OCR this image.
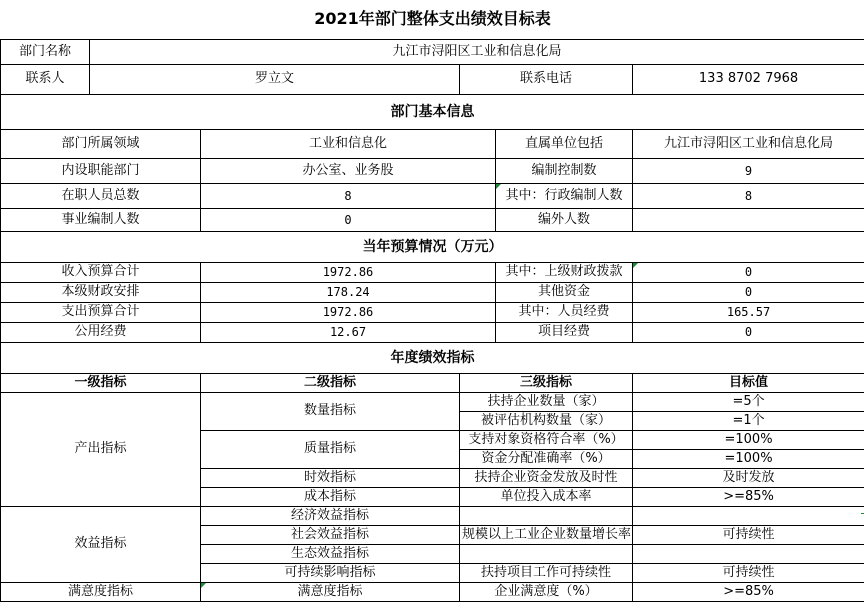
2021年部门整体支出绩效目标表					
部门名称	九江市浔阳区工业和信息化局				
联系人	罗立文		联系电话		133 8702 7968
部门基本信息					
部门所属领域		工业和信息化		直属单位包括	九江市浔阳区工业和信息化局
内设职能部门		办公室、业务股		编制控制数	9
在职人员总数		8		其中：行政编制人数	8
事业编制人数		0		编外人数	
当年预算情况（万元）					
收入预算合计		1972.86		其中：上级财政拨款	0
本级财政安排		178.24		其他资金	0
支出预算合计		1972.86		其中：人员经费	165.57
公用经费		12.67		项目经费	0
年度绩效指标					
一级指标		二级指标	三级指标		目标值
产出指标		数量指标	扶持企业数量（家）		=5个
			被评估机构数量（家）		=1个
		质量指标	支持对象资格符合率（%）		=100%
			资金分配准确率（%）		=100%
		时效指标	扶持企业资金发放及时性		及时发放
		成本指标	单位投入成本率		>=85%
效益指标		经济效益指标			
		社会效益指标	规模以上工业企业数量增长率		可持续性
		生态效益指标			
		可持续影响指标	扶持项目工作可持续性		可持续性
满意度指标		满意度指标	企业满意度（%）		>=85%
